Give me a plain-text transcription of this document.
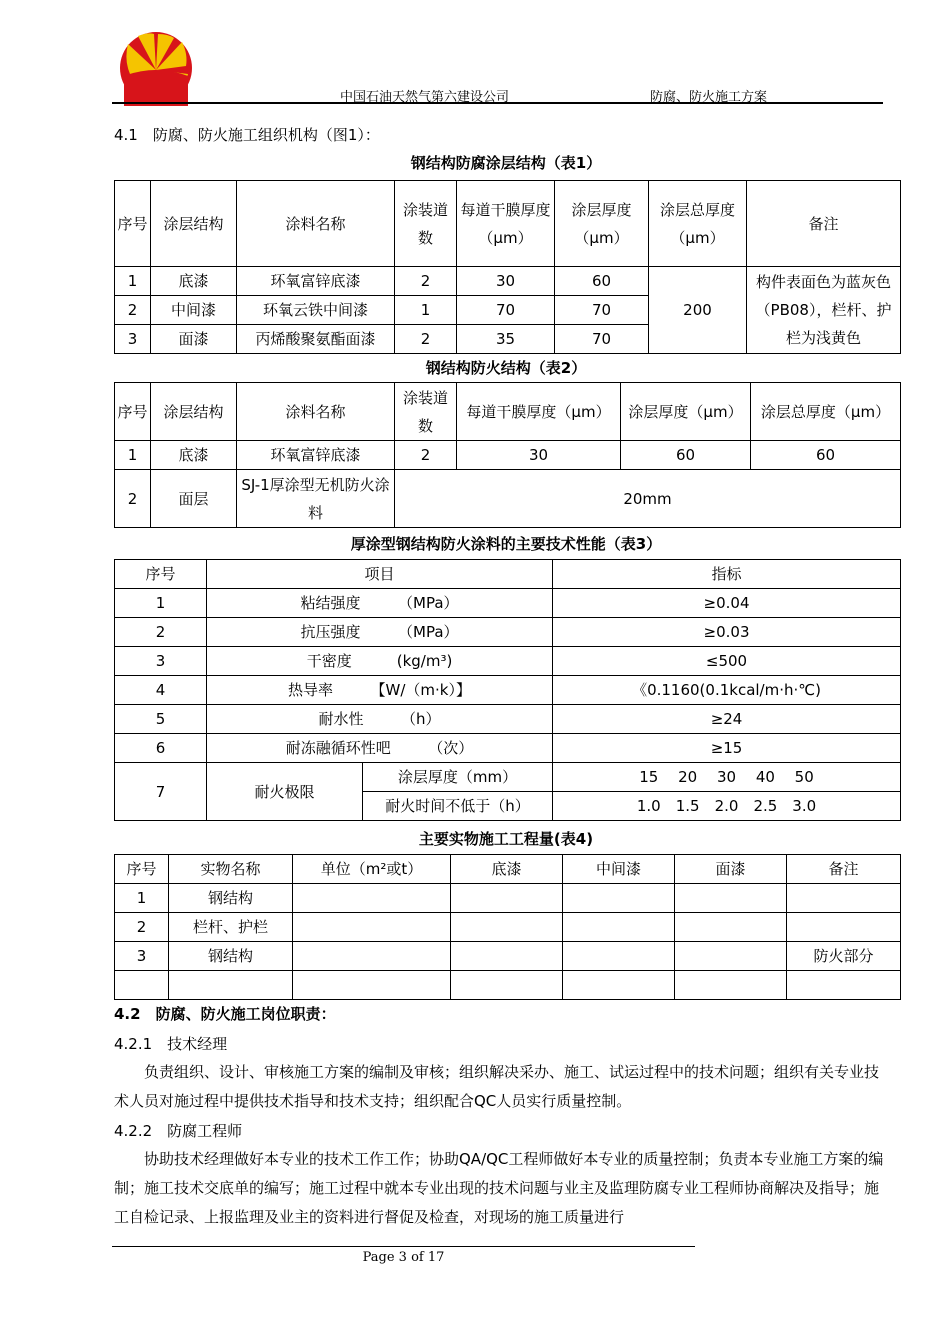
中国石油天然气第六建设公司	防腐、防火施工方案
4.1　防腐、防火施工组织机构（图1）：
钢结构防腐涂层结构（表1）
序号	涂层结构	涂料名称	涂装道数	每道干膜厚度（μm）	涂层厚度（μm）	涂层总厚度（μm）	备注
1	底漆	环氧富锌底漆	2	30	60	200	构件表面色为蓝灰色（PB08），栏杆、护栏为浅黄色
2	中间漆	环氧云铁中间漆	1	70	70		
3	面漆	丙烯酸聚氨酯面漆	2	35	70		
钢结构防火结构（表2）
序号	涂层结构	涂料名称	涂装道数	每道干膜厚度（μm）	涂层厚度（μm）	涂层总厚度（μm）
1	底漆	环氧富锌底漆	2	30	60	60
2	面层	SJ-1厚涂型无机防火涂料	20mm			
厚涂型钢结构防火涂料的主要技术性能（表3）
序号	项目		指标
1	粘结强度　　　 （MPa）		≥0.04
2	抗压强度　　　 （MPa）		≥0.03
3	干密度　　　 (kg/m³)		≤500
4	热导率　　　 【W/（m·k）】		《0.1160(0.1kcal/m·h·℃)
5	耐水性　　　 （h）		≥24
6	耐冻融循环性吧　　　 （次）		≥15
7	耐火极限	涂层厚度（mm）	15　 20　 30　 40　 50
		耐火时间不低于（h）	1.0　1.5　2.0　2.5　3.0
主要实物施工工程量(表4)
序号	实物名称	单位（m²或t）	底漆	中间漆	面漆	备注
1	钢结构					
2	栏杆、护栏					
3	钢结构					防火部分

4.2　防腐、防火施工岗位职责：
4.2.1　技术经理
负责组织、设计、审核施工方案的编制及审核；组织解决采办、施工、试运过程中的技术问题；组织有关专业技术人员对施过程中提供技术指导和技术支持；组织配合QC人员实行质量控制。
4.2.2　防腐工程师
协助技术经理做好本专业的技术工作工作；协助QA/QC工程师做好本专业的质量控制；负责本专业施工方案的编制；施工技术交底单的编写；施工过程中就本专业出现的技术问题与业主及监理防腐专业工程师协商解决及指导；施工自检记录、上报监理及业主的资料进行督促及检查，对现场的施工质量进行
Page 3 of 17
